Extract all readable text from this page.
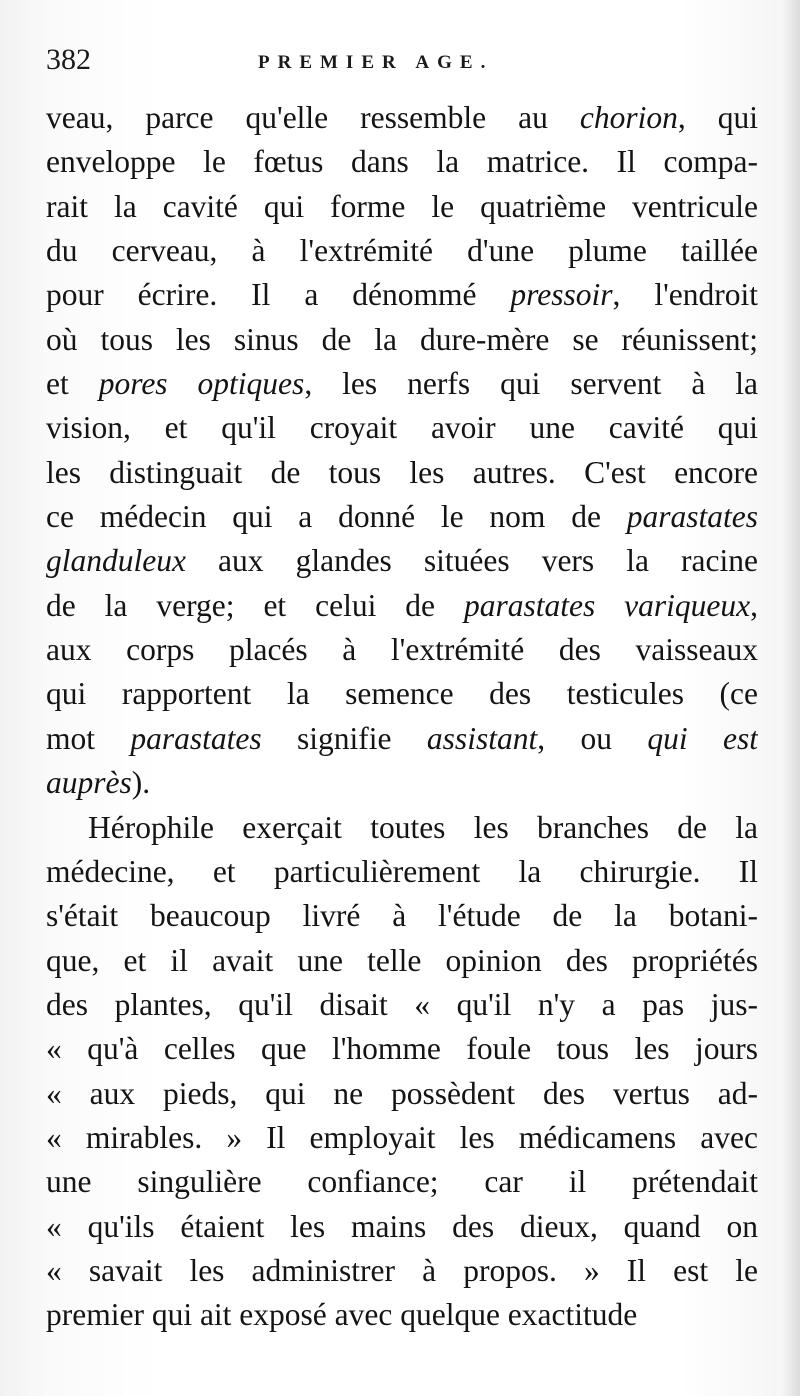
382	PREMIER AGE.
veau, parce qu'elle ressemble au chorion, qui
enveloppe le fœtus dans la matrice. Il compa-
rait la cavité qui forme le quatrième ventricule
du cerveau, à l'extrémité d'une plume taillée
pour écrire. Il a dénommé pressoir, l'endroit
où tous les sinus de la dure-mère se réunissent;
et pores optiques, les nerfs qui servent à la
vision, et qu'il croyait avoir une cavité qui
les distinguait de tous les autres. C'est encore
ce médecin qui a donné le nom de parastates
glanduleux aux glandes situées vers la racine
de la verge; et celui de parastates variqueux,
aux corps placés à l'extrémité des vaisseaux
qui rapportent la semence des testicules (ce
mot parastates signifie assistant, ou qui est
auprès).
Hérophile exerçait toutes les branches de la
médecine, et particulièrement la chirurgie. Il
s'était beaucoup livré à l'étude de la botani-
que, et il avait une telle opinion des propriétés
des plantes, qu'il disait « qu'il n'y a pas jus-
« qu'à celles que l'homme foule tous les jours
« aux pieds, qui ne possèdent des vertus ad-
« mirables. » Il employait les médicamens avec
une singulière confiance; car il prétendait
« qu'ils étaient les mains des dieux, quand on
« savait les administrer à propos. » Il est le
premier qui ait exposé avec quelque exactitude
